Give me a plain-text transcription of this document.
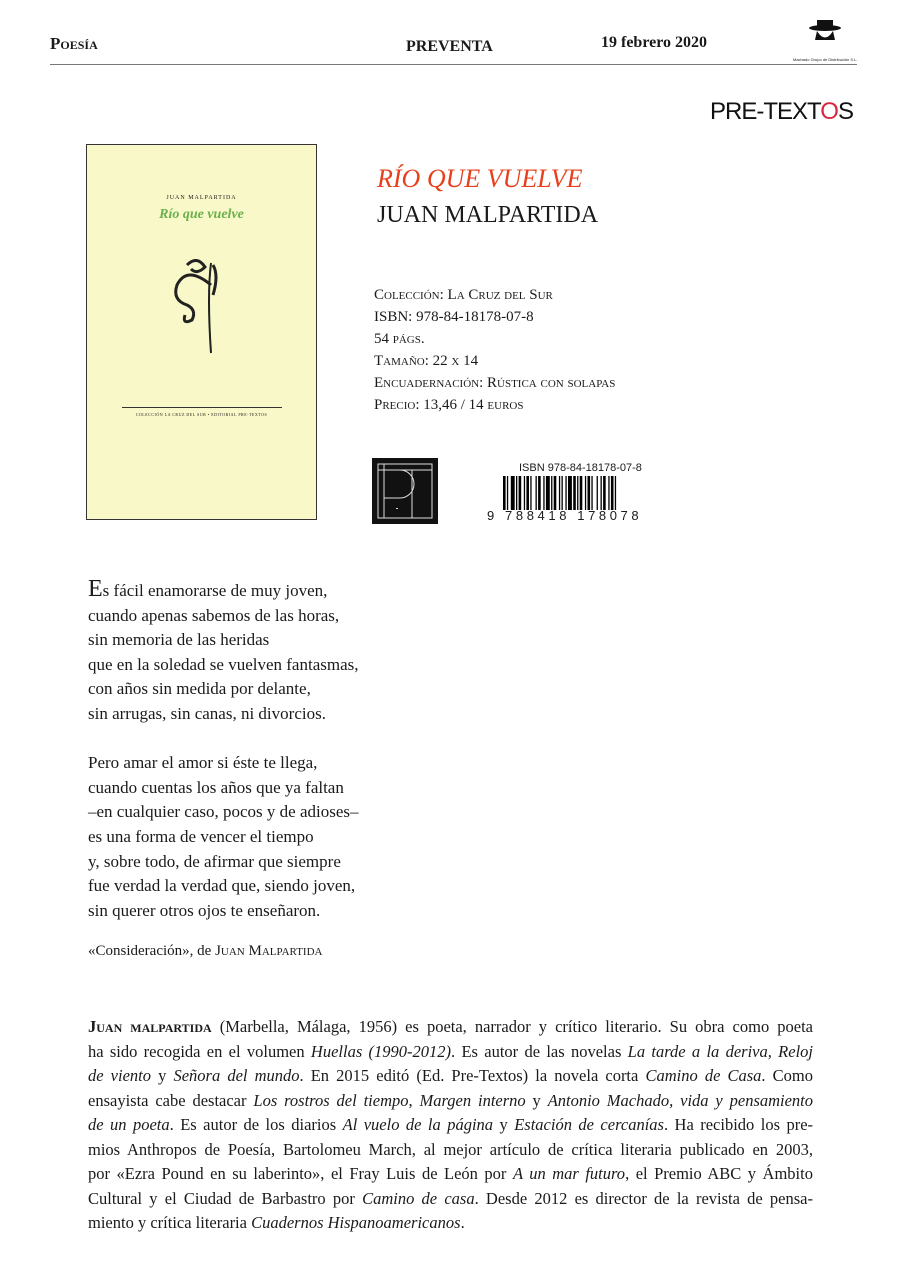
Poesía	PREVENTA	19 febrero 2020
Machado Grupo de Distribución S.L.
PRE-TEXTOS
JUAN MALPARTIDA
Río que vuelve
COLECCIÓN LA CRUZ DEL SUR • EDITORIAL PRE-TEXTOS
RÍO QUE VUELVE
JUAN MALPARTIDA
Colección: La Cruz del Sur
ISBN: 978-84-18178-07-8
54 págs.
Tamaño: 22 x 14
Encuadernación: Rústica con solapas
Precio: 13,46 / 14 euros
ISBN 978-84-18178-07-8
9 788418 178078
Es fácil enamorarse de muy joven,
cuando apenas sabemos de las horas,
sin memoria de las heridas
que en la soledad se vuelven fantasmas,
con años sin medida por delante,
sin arrugas, sin canas, ni divorcios.
Pero amar el amor si éste te llega,
cuando cuentas los años que ya faltan
–en cualquier caso, pocos y de adioses–
es una forma de vencer el tiempo
y, sobre todo, de afirmar que siempre
fue verdad la verdad que, siendo joven,
sin querer otros ojos te enseñaron.
«Consideración», de Juan Malpartida
Juan malpartida (Marbella, Málaga, 1956) es poeta, narrador y crítico literario. Su obra como poeta
ha sido recogida en el volumen Huellas (1990-2012). Es autor de las novelas La tarde a la deriva, Reloj
de viento y Señora del mundo. En 2015 editó (Ed. Pre-Textos) la novela corta Camino de Casa. Como
ensayista cabe destacar Los rostros del tiempo, Margen interno y Antonio Machado, vida y pensamiento
de un poeta. Es autor de los diarios Al vuelo de la página y Estación de cercanías. Ha recibido los pre-
mios Anthropos de Poesía, Bartolomeu March, al mejor artículo de crítica literaria publicado en 2003,
por «Ezra Pound en su laberinto», el Fray Luis de León por A un mar futuro, el Premio ABC y Ámbito
Cultural y el Ciudad de Barbastro por Camino de casa. Desde 2012 es director de la revista de pensa-
miento y crítica literaria Cuadernos Hispanoamericanos.
